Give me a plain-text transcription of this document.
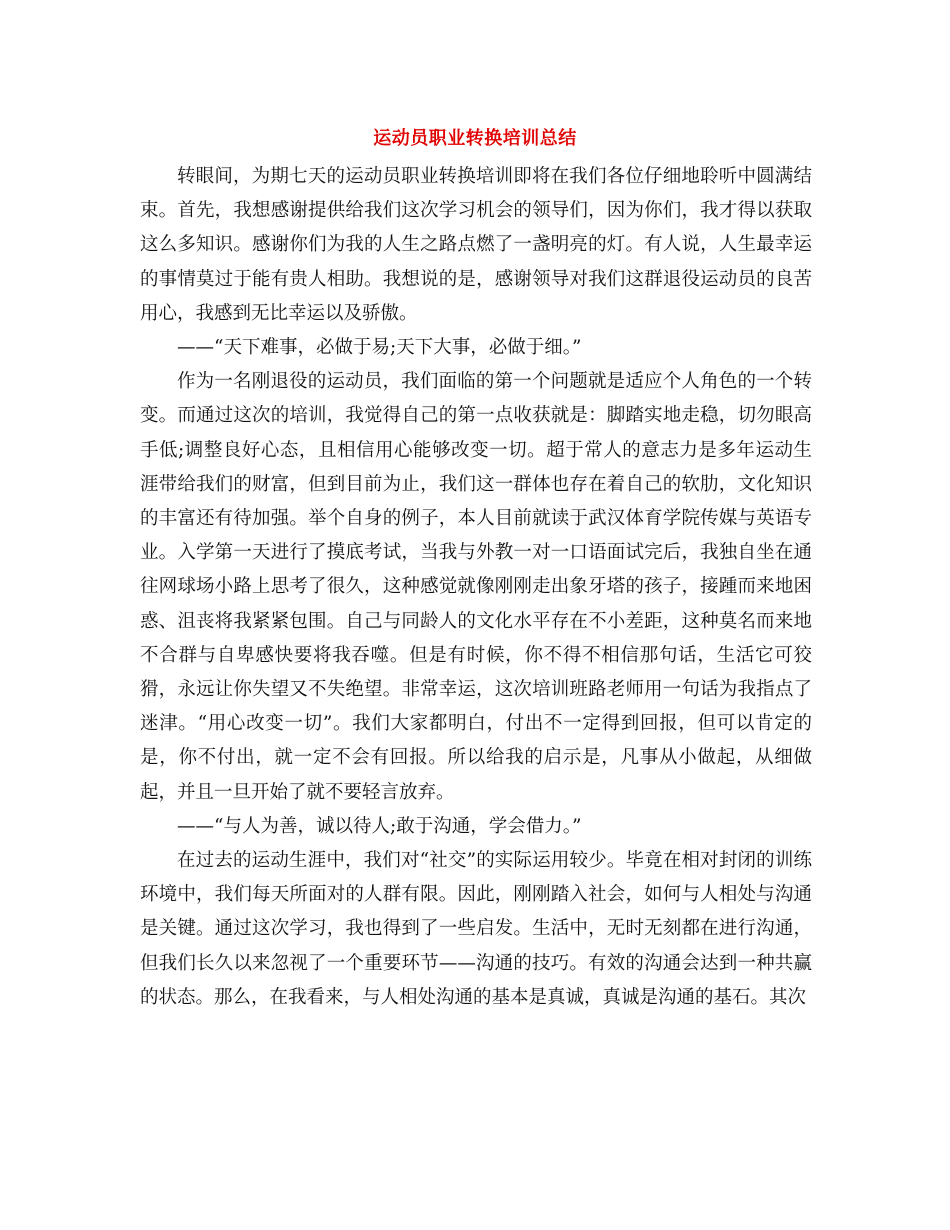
运动员职业转换培训总结

转眼间，为期七天的运动员职业转换培训即将在我们各位仔细地聆听中圆满结束。首先，我想感谢提供给我们这次学习机会的领导们，因为你们，我才得以获取这么多知识。感谢你们为我的人生之路点燃了一盏明亮的灯。有人说，人生最幸运的事情莫过于能有贵人相助。我想说的是，感谢领导对我们这群退役运动员的良苦用心，我感到无比幸运以及骄傲。

——“天下难事，必做于易;天下大事，必做于细。”

作为一名刚退役的运动员，我们面临的第一个问题就是适应个人角色的一个转变。而通过这次的培训，我觉得自己的第一点收获就是：脚踏实地走稳，切勿眼高手低;调整良好心态，且相信用心能够改变一切。超于常人的意志力是多年运动生涯带给我们的财富，但到目前为止，我们这一群体也存在着自己的软肋，文化知识的丰富还有待加强。举个自身的例子，本人目前就读于武汉体育学院传媒与英语专业。入学第一天进行了摸底考试，当我与外教一对一口语面试完后，我独自坐在通往网球场小路上思考了很久，这种感觉就像刚刚走出象牙塔的孩子，接踵而来地困惑、沮丧将我紧紧包围。自己与同龄人的文化水平存在不小差距，这种莫名而来地不合群与自卑感快要将我吞噬。但是有时候，你不得不相信那句话，生活它可狡猾，永远让你失望又不失绝望。非常幸运，这次培训班路老师用一句话为我指点了迷津。“用心改变一切”。我们大家都明白，付出不一定得到回报，但可以肯定的是，你不付出，就一定不会有回报。所以给我的启示是，凡事从小做起，从细做起，并且一旦开始了就不要轻言放弃。

——“与人为善，诚以待人;敢于沟通，学会借力。”

在过去的运动生涯中，我们对“社交”的实际运用较少。毕竟在相对封闭的训练环境中，我们每天所面对的人群有限。因此，刚刚踏入社会，如何与人相处与沟通是关键。通过这次学习，我也得到了一些启发。生活中，无时无刻都在进行沟通，但我们长久以来忽视了一个重要环节——沟通的技巧。有效的沟通会达到一种共赢的状态。那么，在我看来，与人相处沟通的基本是真诚，真诚是沟通的基石。其次
